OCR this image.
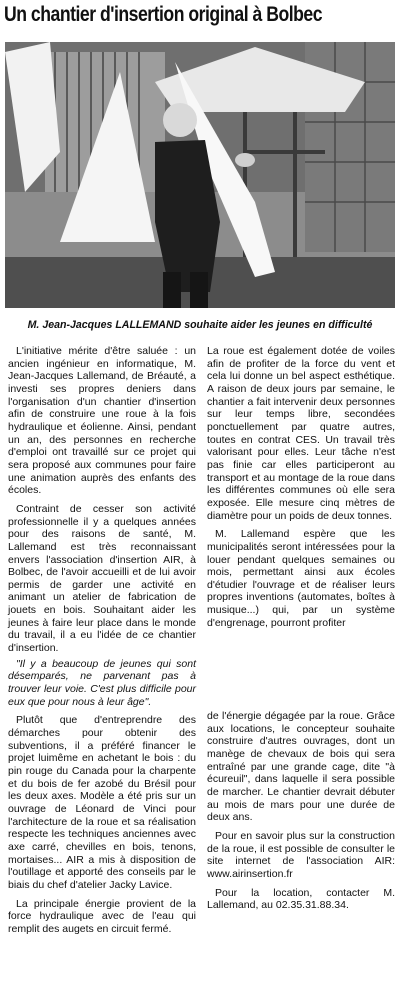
Un chantier d'insertion original à Bolbec
M. Jean-Jacques LALLEMAND souhaite aider les jeunes en difficulté

L'initiative mérite d'être saluée : un ancien ingénieur en informatique, M. Jean-Jacques Lallemand, de Bréauté, a investi ses propres deniers dans l'organisation d'un chantier d'insertion afin de construire une roue à la fois hydraulique et éolienne. Ainsi, pendant un an, des personnes en recherche d'emploi ont travaillé sur ce projet qui sera proposé aux communes pour faire une animation auprès des enfants des écoles.

Contraint de cesser son activité professionnelle il y a quelques années pour des raisons de santé, M. Lallemand est très reconnaissant envers l'association d'insertion AIR, à Bolbec, de l'avoir accueilli et de lui avoir permis de garder une activité en animant un atelier de fabrication de jouets en bois. Souhaitant aider les jeunes à faire leur place dans le monde du travail, il a eu l'idée de ce chantier d'insertion.

"Il y a beaucoup de jeunes qui sont désemparés, ne parvenant pas à trouver leur voie. C'est plus difficile pour eux que pour nous à leur âge".

Plutôt que d'entreprendre des démarches pour obtenir des subventions, il a préféré financer le projet luimême en achetant le bois : du pin rouge du Canada pour la charpente et du bois de fer azobé du Brésil pour les deux axes. Modèle a été pris sur un ouvrage de Léonard de Vinci pour l'architecture de la roue et sa réalisation respecte les techniques anciennes avec axe carré, chevilles en bois, tenons, mortaises... AIR a mis à disposition de l'outillage et apporté des conseils par le biais du chef d'atelier Jacky Lavice.

La principale énergie provient de la force hydraulique avec de l'eau qui remplit des augets en circuit fermé.

La roue est également dotée de voiles afin de profiter de la force du vent et cela lui donne un bel aspect esthétique. A raison de deux jours par semaine, le chantier a fait intervenir deux personnes sur leur temps libre, secondées ponctuellement par quatre autres, toutes en contrat CES. Un travail très valorisant pour elles. Leur tâche n'est pas finie car elles participeront au transport et au montage de la roue dans les différentes communes où elle sera exposée. Elle mesure cinq mètres de diamètre pour un poids de deux tonnes.

M. Lallemand espère que les municipalités seront intéressées pour la louer pendant quelques semaines ou mois, permettant ainsi aux écoles d'étudier l'ouvrage et de réaliser leurs propres inventions (automates, boîtes à musique...) qui, par un système d'engrenage, pourront profiter

de l'énergie dégagée par la roue. Grâce aux locations, le concepteur souhaite construire d'autres ouvrages, dont un manège de chevaux de bois qui sera entraîné par une grande cage, dite "à écureuil", dans laquelle il sera possible de marcher. Le chantier devrait débuter au mois de mars pour une durée de deux ans.

Pour en savoir plus sur la construction de la roue, il est possible de consulter le site internet de l'association AIR: www.airinsertion.fr

Pour la location, contacter M. Lallemand, au 02.35.31.88.34.
